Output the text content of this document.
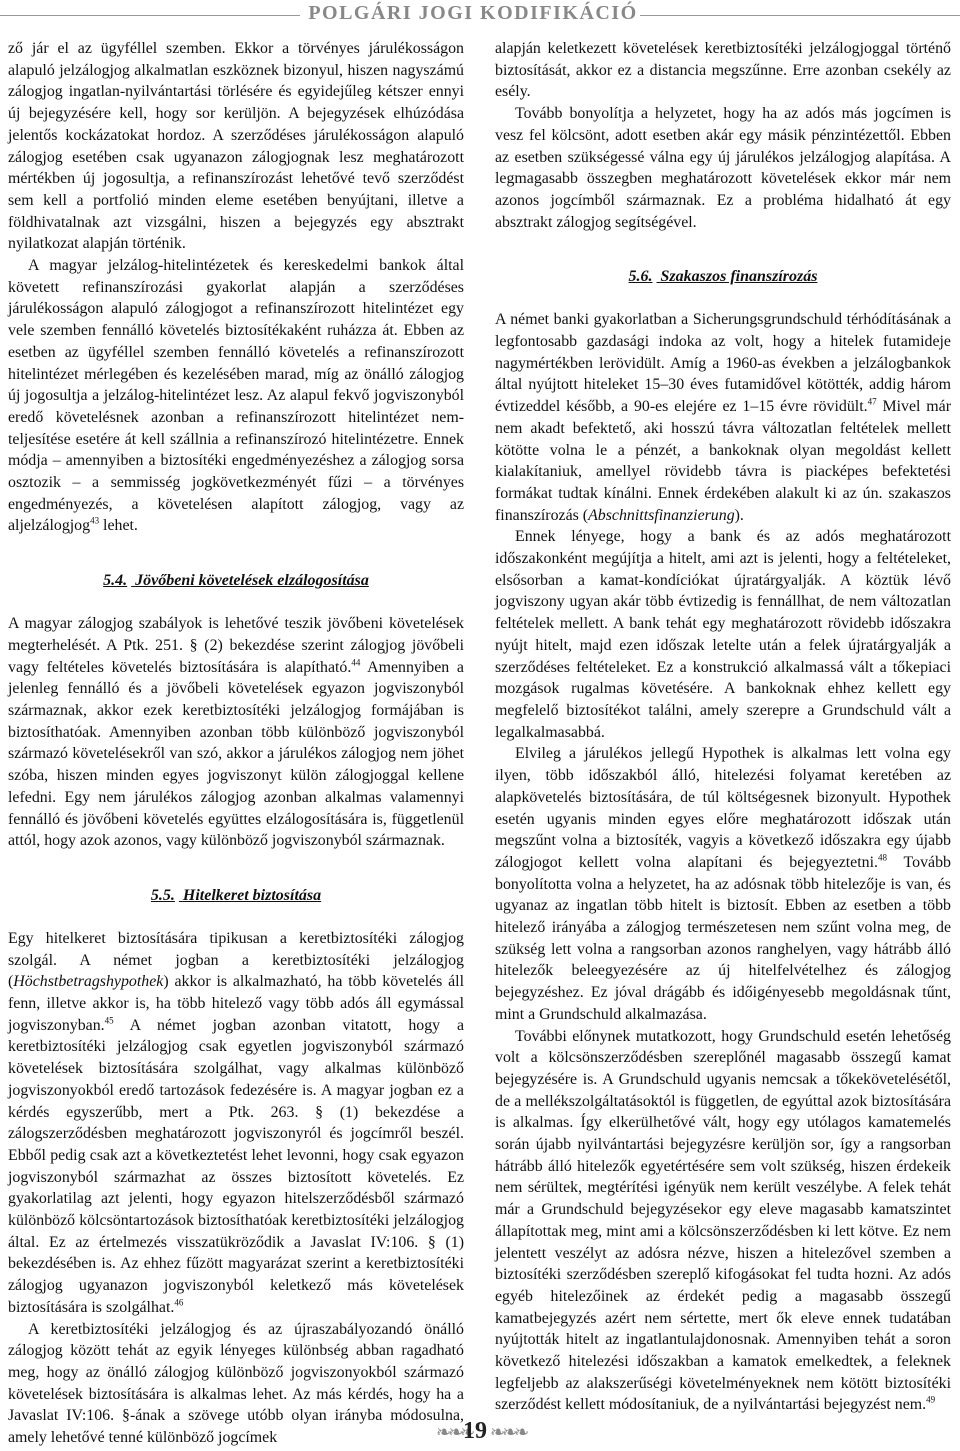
POLGÁRI JOGI KODIFIKÁCIÓ

ző jár el az ügyféllel szemben. Ekkor a törvényes járulékosságon alapuló jelzálogjog alkalmatlan eszköznek bizonyul, hiszen nagyszámú zálogjog ingatlan-nyilvántartási törlésére és egyidejűleg kétszer ennyi új bejegyzésére kell, hogy sor kerüljön. A bejegyzések elhúzódása jelentős kockázatokat hordoz. A szerződéses járulékosságon alapuló zálogjog esetében csak ugyanazon zálogjognak lesz meghatározott mértékben új jogosultja, a refinanszírozást lehetővé tevő szerződést sem kell a portfolió minden eleme esetében benyújtani, illetve a földhivatalnak azt vizsgálni, hiszen a bejegyzés egy absztrakt nyilatkozat alapján történik.

A magyar jelzálog-hitelintézetek és kereskedelmi bankok által követett refinanszírozási gyakorlat alapján a szerződéses járulékosságon alapuló zálogjogot a refinanszírozott hitelintézet egy vele szemben fennálló követelés biztosítékaként ruházza át. Ebben az esetben az ügyféllel szemben fennálló követelés a refinanszírozott hitelintézet mérlegében és kezelésében marad, míg az önálló zálogjog új jogosultja a jelzálog-hitelintézet lesz. Az alapul fekvő jogviszonyból eredő követelésnek azonban a refinanszírozott hitelintézet nem-teljesítése esetére át kell szállnia a refinanszírozó hitelintézetre. Ennek módja – amennyiben a biztosítéki engedményezéshez a zálogjog sorsa osztozik – a semmisség jogkövetkezményét fűzi – a törvényes engedményezés, a követelésen alapított zálogjog, vagy az aljelzálogjog$^{43}$ lehet.

5.4. Jövőbeni követelések elzálogosítása

A magyar zálogjog szabályok is lehetővé teszik jövőbeni követelések megterhelését. A Ptk. 251. § (2) bekezdése szerint zálogjog jövőbeli vagy feltételes követelés biztosítására is alapítható.$^{44}$ Amennyiben a jelenleg fennálló és a jövőbeli követelések egyazon jogviszonyból származnak, akkor ezek keretbiztosítéki jelzálogjog formájában is biztosíthatóak. Amennyiben azonban több különböző jogviszonyból származó követelésekről van szó, akkor a járulékos zálogjog nem jöhet szóba, hiszen minden egyes jogviszonyt külön zálogjoggal kellene lefedni. Egy nem járulékos zálogjog azonban alkalmas valamennyi fennálló és jövőbeni követelés együttes elzálogosítására is, függetlenül attól, hogy azok azonos, vagy különböző jogviszonyból származnak.

5.5. Hitelkeret biztosítása

Egy hitelkeret biztosítására tipikusan a keretbiztosítéki zálogjog szolgál. A német jogban a keretbiztosítéki jelzálogjog (Höchstbetragshypothek) akkor is alkalmazható, ha több követelés áll fenn, illetve akkor is, ha több hitelező vagy több adós áll egymással jogviszonyban.$^{45}$ A német jogban azonban vitatott, hogy a keretbiztosítéki jelzálogjog csak egyetlen jogviszonyból származó követelések biztosítására szolgálhat, vagy alkalmas különböző jogviszonyokból eredő tartozások fedezésére is. A magyar jogban ez a kérdés egyszerűbb, mert a Ptk. 263. § (1) bekezdése a zálogszerződésben meghatározott jogviszonyról és jogcímről beszél. Ebből pedig csak azt a következtetést lehet levonni, hogy csak egyazon jogviszonyból származhat az összes biztosított követelés. Ez gyakorlatilag azt jelenti, hogy egyazon hitelszerződésből származó különböző kölcsöntartozások biztosíthatóak keretbiztosítéki jelzálogjog által. Ez az értelmezés visszatükröződik a Javaslat IV:106. § (1) bekezdésében is. Az ehhez fűzött magyarázat szerint a keretbiztosítéki zálogjog ugyanazon jogviszonyból keletkező más követelések biztosítására is szolgálhat.$^{46}$

A keretbiztosítéki jelzálogjog és az újraszabályozandó önálló zálogjog között tehát az egyik lényeges különbség abban ragadható meg, hogy az önálló zálogjog különböző jogviszonyokból származó követelések biztosítására is alkalmas lehet. Az más kérdés, hogy ha a Javaslat IV:106. §-ának a szövege utóbb olyan irányba módosulna, amely lehetővé tenné különböző jogcímek

alapján keletkezett követelések keretbiztosítéki jelzálogjoggal történő biztosítását, akkor ez a distancia megszűnne. Erre azonban csekély az esély.

Tovább bonyolítja a helyzetet, hogy ha az adós más jogcímen is vesz fel kölcsönt, adott esetben akár egy másik pénzintézettől. Ebben az esetben szükségessé válna egy új járulékos jelzálogjog alapítása. A legmagasabb összegben meghatározott követelések ekkor már nem azonos jogcímből származnak. Ez a probléma hidalható át egy absztrakt zálogjog segítségével.

5.6. Szakaszos finanszírozás

A német banki gyakorlatban a Sicherungsgrundschuld térhódításának a legfontosabb gazdasági indoka az volt, hogy a hitelek futamideje nagymértékben lerövidült. Amíg a 1960-as években a jelzálogbankok által nyújtott hiteleket 15–30 éves futamidővel kötötték, addig három évtizeddel később, a 90-es elejére ez 1–15 évre rövidült.$^{47}$ Mivel már nem akadt befektető, aki hosszú távra változatlan feltételek mellett kötötte volna le a pénzét, a bankoknak olyan megoldást kellett kialakítaniuk, amellyel rövidebb távra is piacképes befektetési formákat tudtak kínálni. Ennek érdekében alakult ki az ún. szakaszos finanszírozás (Abschnittsfinanzierung).

Ennek lényege, hogy a bank és az adós meghatározott időszakonként megújítja a hitelt, ami azt is jelenti, hogy a feltételeket, elsősorban a kamat-kondíciókat újratárgyalják. A köztük lévő jogviszony ugyan akár több évtizedig is fennállhat, de nem változatlan feltételek mellett. A bank tehát egy meghatározott rövidebb időszakra nyújt hitelt, majd ezen időszak letelte után a felek újratárgyalják a szerződéses feltételeket. Ez a konstrukció alkalmassá vált a tőkepiaci mozgások rugalmas követésére. A bankoknak ehhez kellett egy megfelelő biztosítékot találni, amely szerepre a Grundschuld vált a legalkalmasabbá.

Elvileg a járulékos jellegű Hypothek is alkalmas lett volna egy ilyen, több időszakból álló, hitelezési folyamat keretében az alapkövetelés biztosítására, de túl költségesnek bizonyult. Hypothek esetén ugyanis minden egyes előre meghatározott időszak után megszűnt volna a biztosíték, vagyis a következő időszakra egy újabb zálogjogot kellett volna alapítani és bejegyeztetni.$^{48}$ Tovább bonyolította volna a helyzetet, ha az adósnak több hitelezője is van, és ugyanaz az ingatlan több hitelt is biztosít. Ebben az esetben a több hitelező irányába a zálogjog természetesen nem szűnt volna meg, de szükség lett volna a rangsorban azonos ranghelyen, vagy hátrább álló hitelezők beleegyezésére az új hitelfelvételhez és zálogjog bejegyzéshez. Ez jóval drágább és időigényesebb megoldásnak tűnt, mint a Grundschuld alkalmazása.

További előnynek mutatkozott, hogy Grundschuld esetén lehetőség volt a kölcsönszerződésben szereplőnél magasabb összegű kamat bejegyzésére is. A Grundschuld ugyanis nemcsak a tőkekövetelésétől, de a mellékszolgáltatásoktól is független, de egyúttal azok biztosítására is alkalmas. Így elkerülhetővé vált, hogy egy utólagos kamatemelés során újabb nyilvántartási bejegyzésre kerüljön sor, így a rangsorban hátrább álló hitelezők egyetértésére sem volt szükség, hiszen érdekeik nem sérültek, megtérítési igényük nem került veszélybe. A felek tehát már a Grundschuld bejegyzésekor egy eleve magasabb kamatszintet állapítottak meg, mint ami a kölcsönszerződésben ki lett kötve. Ez nem jelentett veszélyt az adósra nézve, hiszen a hitelezővel szemben a biztosítéki szerződésben szereplő kifogásokat fel tudta hozni. Az adós egyéb hitelezőinek az érdekét pedig a magasabb összegű kamatbejegyzés azért nem sértette, mert ők eleve ennek tudatában nyújtották hitelt az ingatlantulajdonosnak. Amennyiben tehát a soron következő hitelezési időszakban a kamatok emelkedtek, a feleknek legfeljebb az alakszerűségi követelményeknek nem kötött biztosítéki szerződést kellett módosítaniuk, de a nyilvántartási bejegyzést nem.$^{49}$

❧❧❧
19 ❧❧❧
